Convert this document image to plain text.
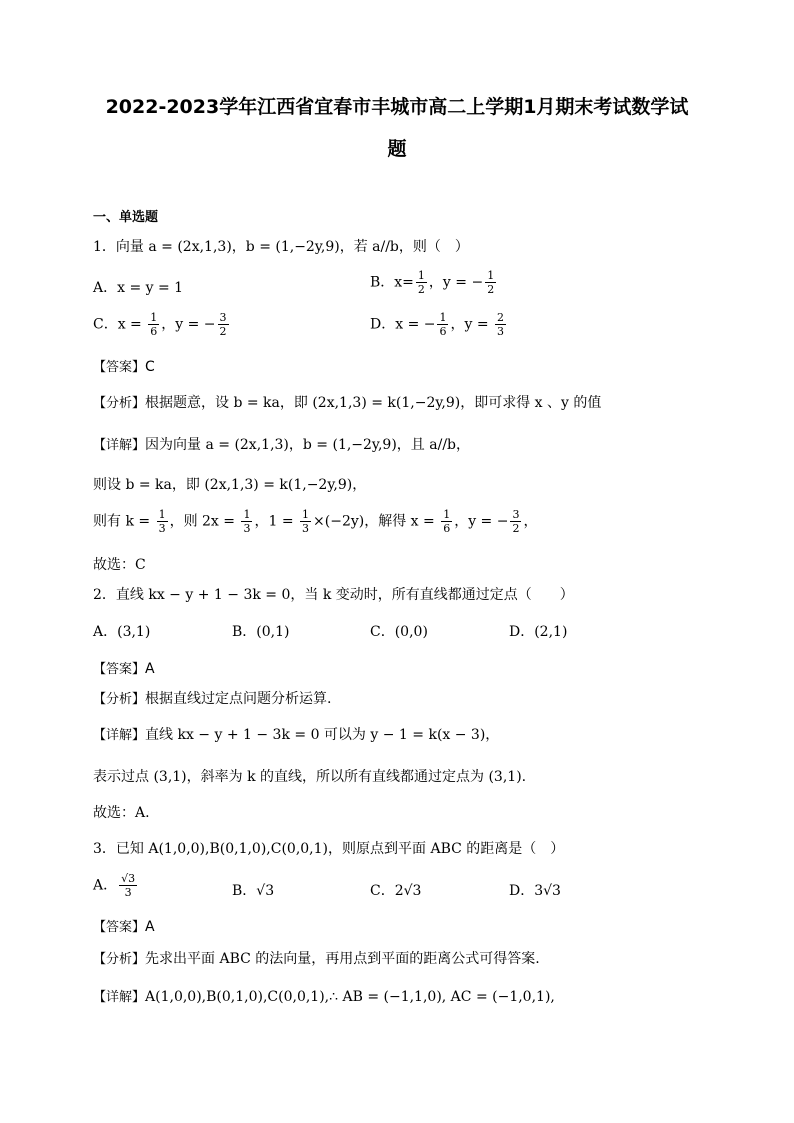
2022-2023学年江西省宜春市丰城市高二上学期1月期末考试数学试
题
一、单选题
1．向量 a = (2x,1,3)，b = (1,−2y,9)，若 a//b，则（　）
A．x = y = 1	B．$x= \frac{1}{2}$ ，y = − $\frac{1}{2}$
C．$x = \frac{1}{6}$ ，y = − $\frac{3}{2}$	D．x = − $\frac{1}{6}$ ，$y = \frac{2}{3}$
【答案】C
【分析】根据题意，设 b = ka，即 (2x,1,3) = k(1,−2y,9)，即可求得 x 、y 的值
【详解】因为向量 a = (2x,1,3)，b = (1,−2y,9)，且 a//b，
则设 b = ka，即 (2x,1,3) = k(1,−2y,9)，
则有 $k = \frac{1}{3}$ ，则 $2x = \frac{1}{3}$ ，$1 = \frac{1}{3} \times(-2y)$，解得 $x = \frac{1}{6}$ ，y = − $\frac{3}{2}$ ，
故选：C
2．直线 kx − y + 1 − 3k = 0，当 k 变动时，所有直线都通过定点（　　）
A．(3,1)	B．(0,1)	C．(0,0)	D．(2,1)
【答案】A
【分析】根据直线过定点问题分析运算.
【详解】直线 kx − y + 1 − 3k = 0 可以为 y − 1 = k(x − 3)，
表示过点 (3,1)，斜率为 k 的直线，所以所有直线都通过定点为 (3,1).
故选：A.
3．已知 A(1,0,0),B(0,1,0),C(0,0,1)，则原点到平面 ABC 的距离是（　）
A． $\frac{√3}{3}$	B．√3	C．2√3	D．3√3
【答案】A
【分析】先求出平面 ABC 的法向量，再用点到平面的距离公式可得答案.
【详解】A(1,0,0),B(0,1,0),C(0,0,1),∴ AB = (−1,1,0), AC = (−1,0,1),
